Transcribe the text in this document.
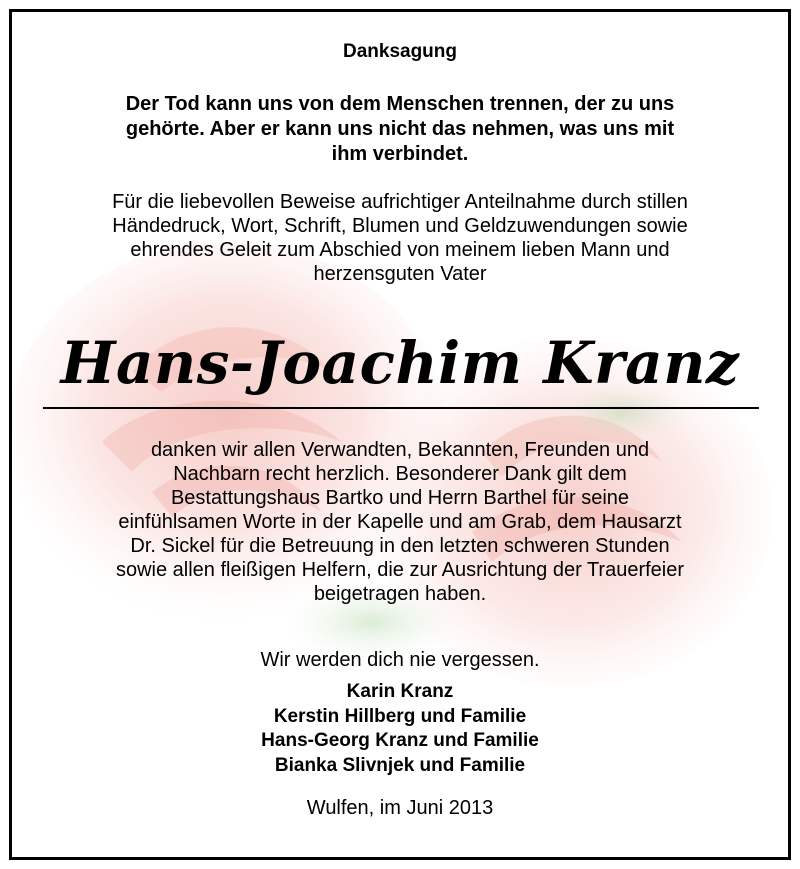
Danksagung
Der Tod kann uns von dem Menschen trennen, der zu uns
gehörte. Aber er kann uns nicht das nehmen, was uns mit
ihm verbindet.
Für die liebevollen Beweise aufrichtiger Anteilnahme durch stillen
Händedruck, Wort, Schrift, Blumen und Geldzuwendungen sowie
ehrendes Geleit zum Abschied von meinem lieben Mann und
herzensguten Vater
Hans-Joachim Kranz
danken wir allen Verwandten, Bekannten, Freunden und
Nachbarn recht herzlich. Besonderer Dank gilt dem
Bestattungshaus Bartko und Herrn Barthel für seine
einfühlsamen Worte in der Kapelle und am Grab, dem Hausarzt
Dr. Sickel für die Betreuung in den letzten schweren Stunden
sowie allen fleißigen Helfern, die zur Ausrichtung der Trauerfeier
beigetragen haben.
Wir werden dich nie vergessen.
Karin Kranz
Kerstin Hillberg und Familie
Hans-Georg Kranz und Familie
Bianka Slivnjek und Familie
Wulfen, im Juni 2013
